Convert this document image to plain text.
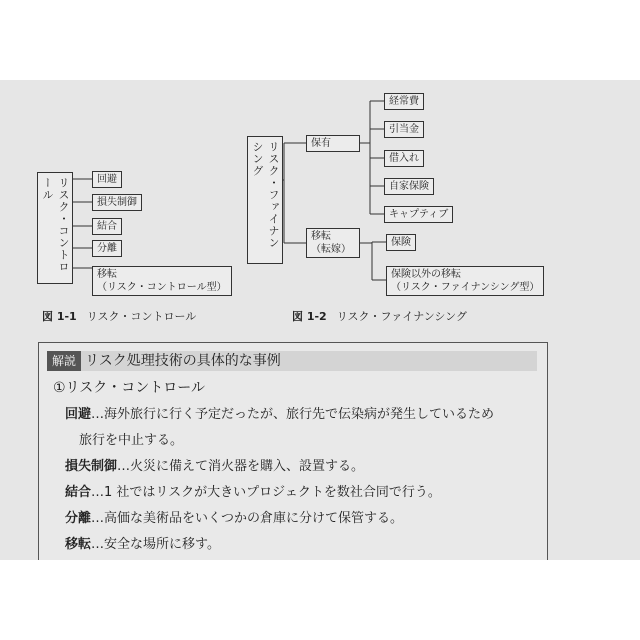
リスク・コントロール	回避
損失制御
結合
分離
移転
（リスク・コントロール型）
図 1-1 リスク・コントロール
リスク・ファイナンシング	保有
経常費
引当金
借入れ
自家保険
キャプティブ
移転
（転嫁）
保険
保険以外の移転
（リスク・ファイナンシング型）
図 1-2 リスク・ファイナンシング
解説 リスク処理技術の具体的な事例
①リスク・コントロール
回避…海外旅行に行く予定だったが、旅行先で伝染病が発生しているため
旅行を中止する。
損失制御…火災に備えて消火器を購入、設置する。
結合…1 社ではリスクが大きいプロジェクトを数社合同で行う。
分離…高価な美術品をいくつかの倉庫に分けて保管する。
移転…安全な場所に移す。
